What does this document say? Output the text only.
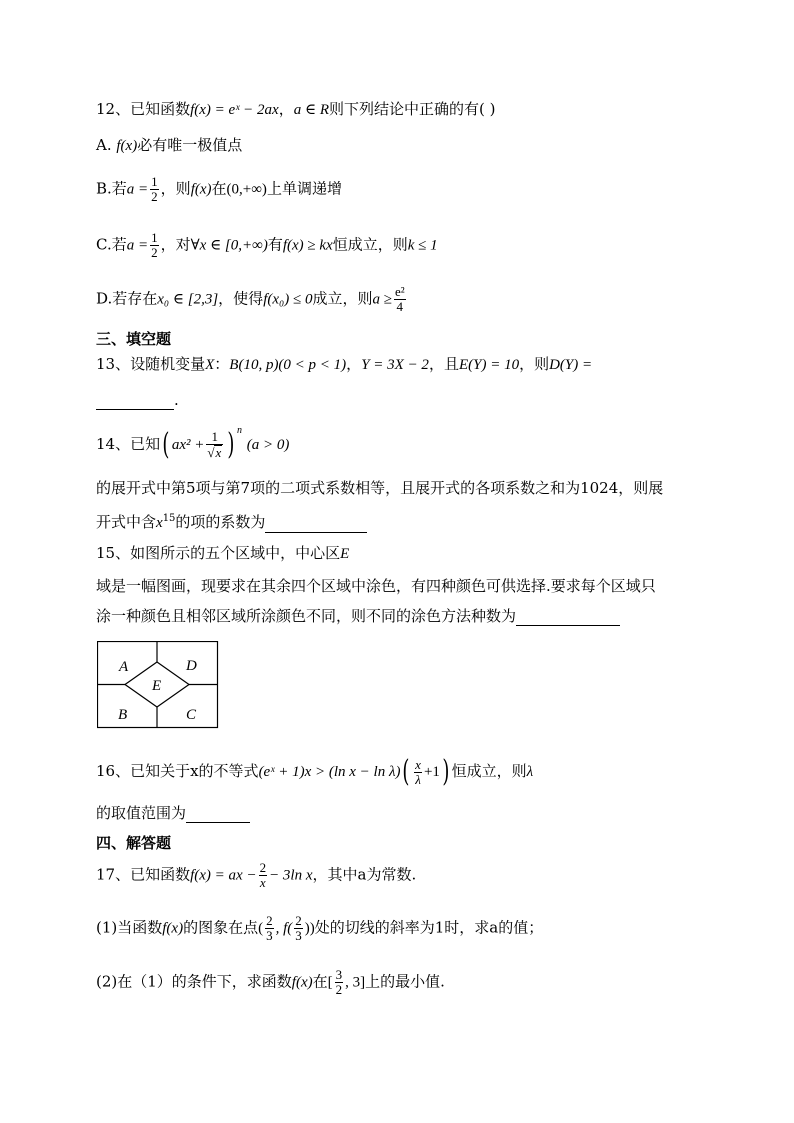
12、已知函数f(x) = eˣ − 2ax，a ∈ R则下列结论中正确的有( )
A. f(x)必有唯一极值点
B.若$a = \frac{1}{2}$ ，则f(x)在(0,+∞)上单调递增
C.若$a = \frac{1}{2}$ ，对∀x ∈ [0,+∞)有f(x) ≥ kx恒成立，则k ≤ 1
D.若存在x₀ ∈ [2,3]，使得f(x₀) ≤ 0成立，则$a \ge \frac{\text{e²}}{4}$
三、填空题
13、设随机变量X：B(10, p)(0 < p < 1)，Y = 3X − 2，且E(Y) = 10，则D(Y) =
.
14、已知( $ax^2 + \frac{1}{√x}$ ) $^n$ (a > 0)
的展开式中第5项与第7项的二项式系数相等，且展开式的各项系数之和为1024，则展
开式中含$x^{15}$的项的系数为
15、如图所示的五个区域中，中心区E
域是一幅图画，现要求在其余四个区域中涂色，有四种颜色可供选择.要求每个区域只
涂一种颜色且相邻区域所涂颜色不同，则不同的涂色方法种数为
A	D
E
B	C
16、已知关于x的不等式(eˣ + 1)x > (ln $x - \ln \lambda)( \frac{x}{\lambda} +1)$ 恒成立，则λ
的取值范围为
四、解答题
17、已知函数f(x) = ax − $\frac{2}{x} - 3\ln$ x，其中a为常数.
(1)当函数f(x)的图象在点( $\frac{2}{3}$ , $f( \frac{2}{3}$ ))处的切线的斜率为1时，求a的值；
(2)在（1）的条件下，求函数f(x)在[ $\frac{3}{2}$ , 3]上的最小值.
